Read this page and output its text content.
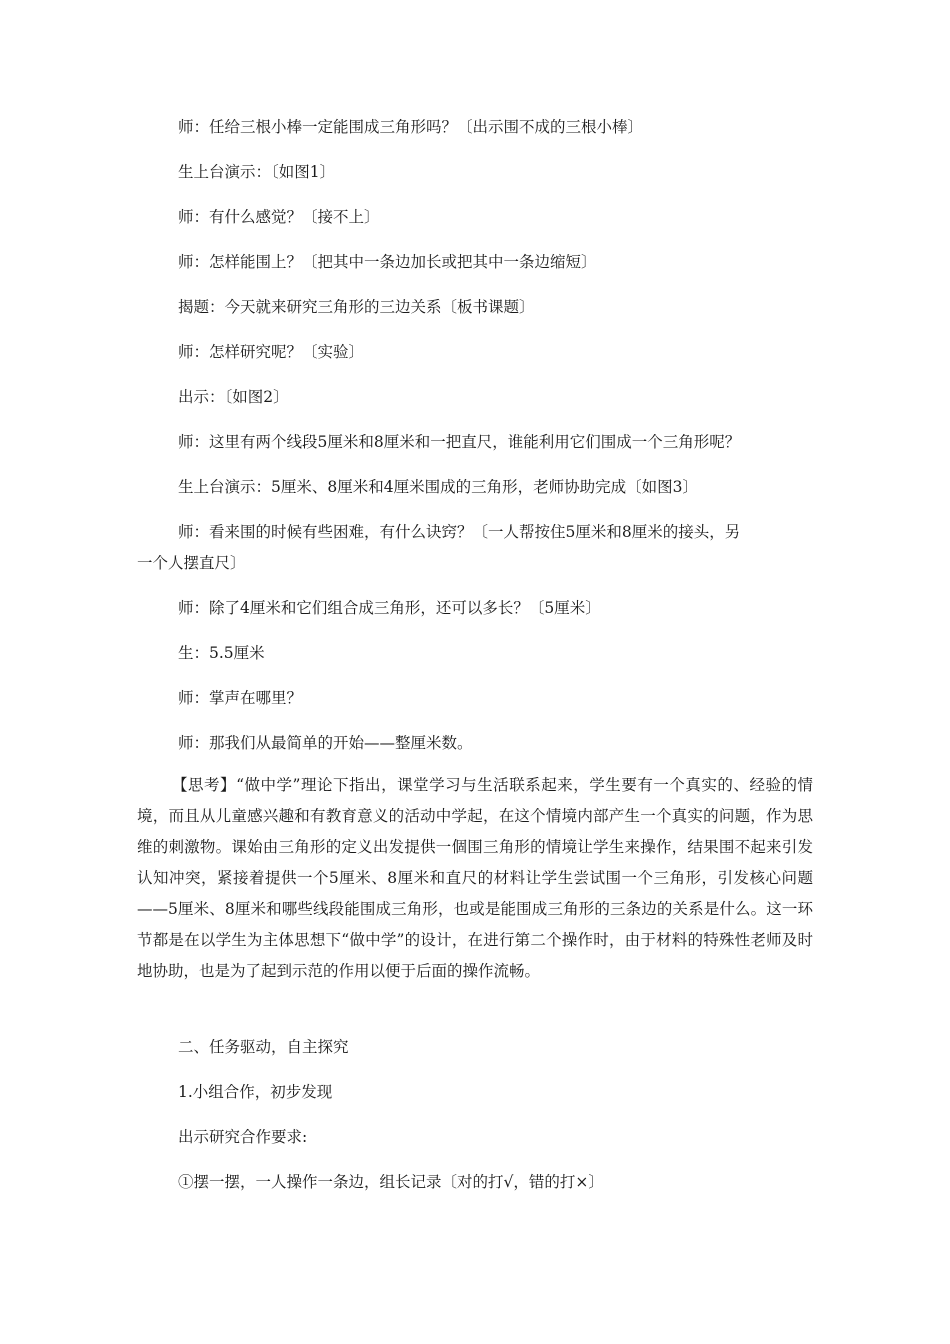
师：任给三根小棒一定能围成三角形吗？〔出示围不成的三根小棒〕
生上台演示：〔如图1〕
师：有什么感觉？〔接不上〕
师：怎样能围上？〔把其中一条边加长或把其中一条边缩短〕
揭题：今天就来研究三角形的三边关系〔板书课题〕
师：怎样研究呢？〔实验〕
出示：〔如图2〕
师：这里有两个线段5厘米和8厘米和一把直尺，谁能利用它们围成一个三角形呢？
生上台演示：5厘米、8厘米和4厘米围成的三角形，老师协助完成〔如图3〕
师：看来围的时候有些困难，有什么诀窍？〔一人帮按住5厘米和8厘米的接头，另
一个人摆直尺〕
师：除了4厘米和它们组合成三角形，还可以多长？〔5厘米〕
生：5.5厘米
师：掌声在哪里？
师：那我们从最简单的开始——整厘米数。

【思考】“做中学”理论下指出，课堂学习与生活联系起来，学生要有一个真实的、经验的情境，而且从儿童感兴趣和有教育意义的活动中学起，在这个情境内部产生一个真实的问题，作为思维的刺激物。课始由三角形的定义出发提供一個围三角形的情境让学生来操作，结果围不起来引发认知冲突，紧接着提供一个5厘米、8厘米和直尺的材料让学生尝试围一个三角形，引发核心问题——5厘米、8厘米和哪些线段能围成三角形，也或是能围成三角形的三条边的关系是什么。这一环节都是在以学生为主体思想下“做中学”的设计，在进行第二个操作时，由于材料的特殊性老师及时地协助，也是为了起到示范的作用以便于后面的操作流畅。

二、任务驱动，自主探究
1.小组合作，初步发现
出示研究合作要求:
①摆一摆，一人操作一条边，组长记录〔对的打√，错的打×〕
